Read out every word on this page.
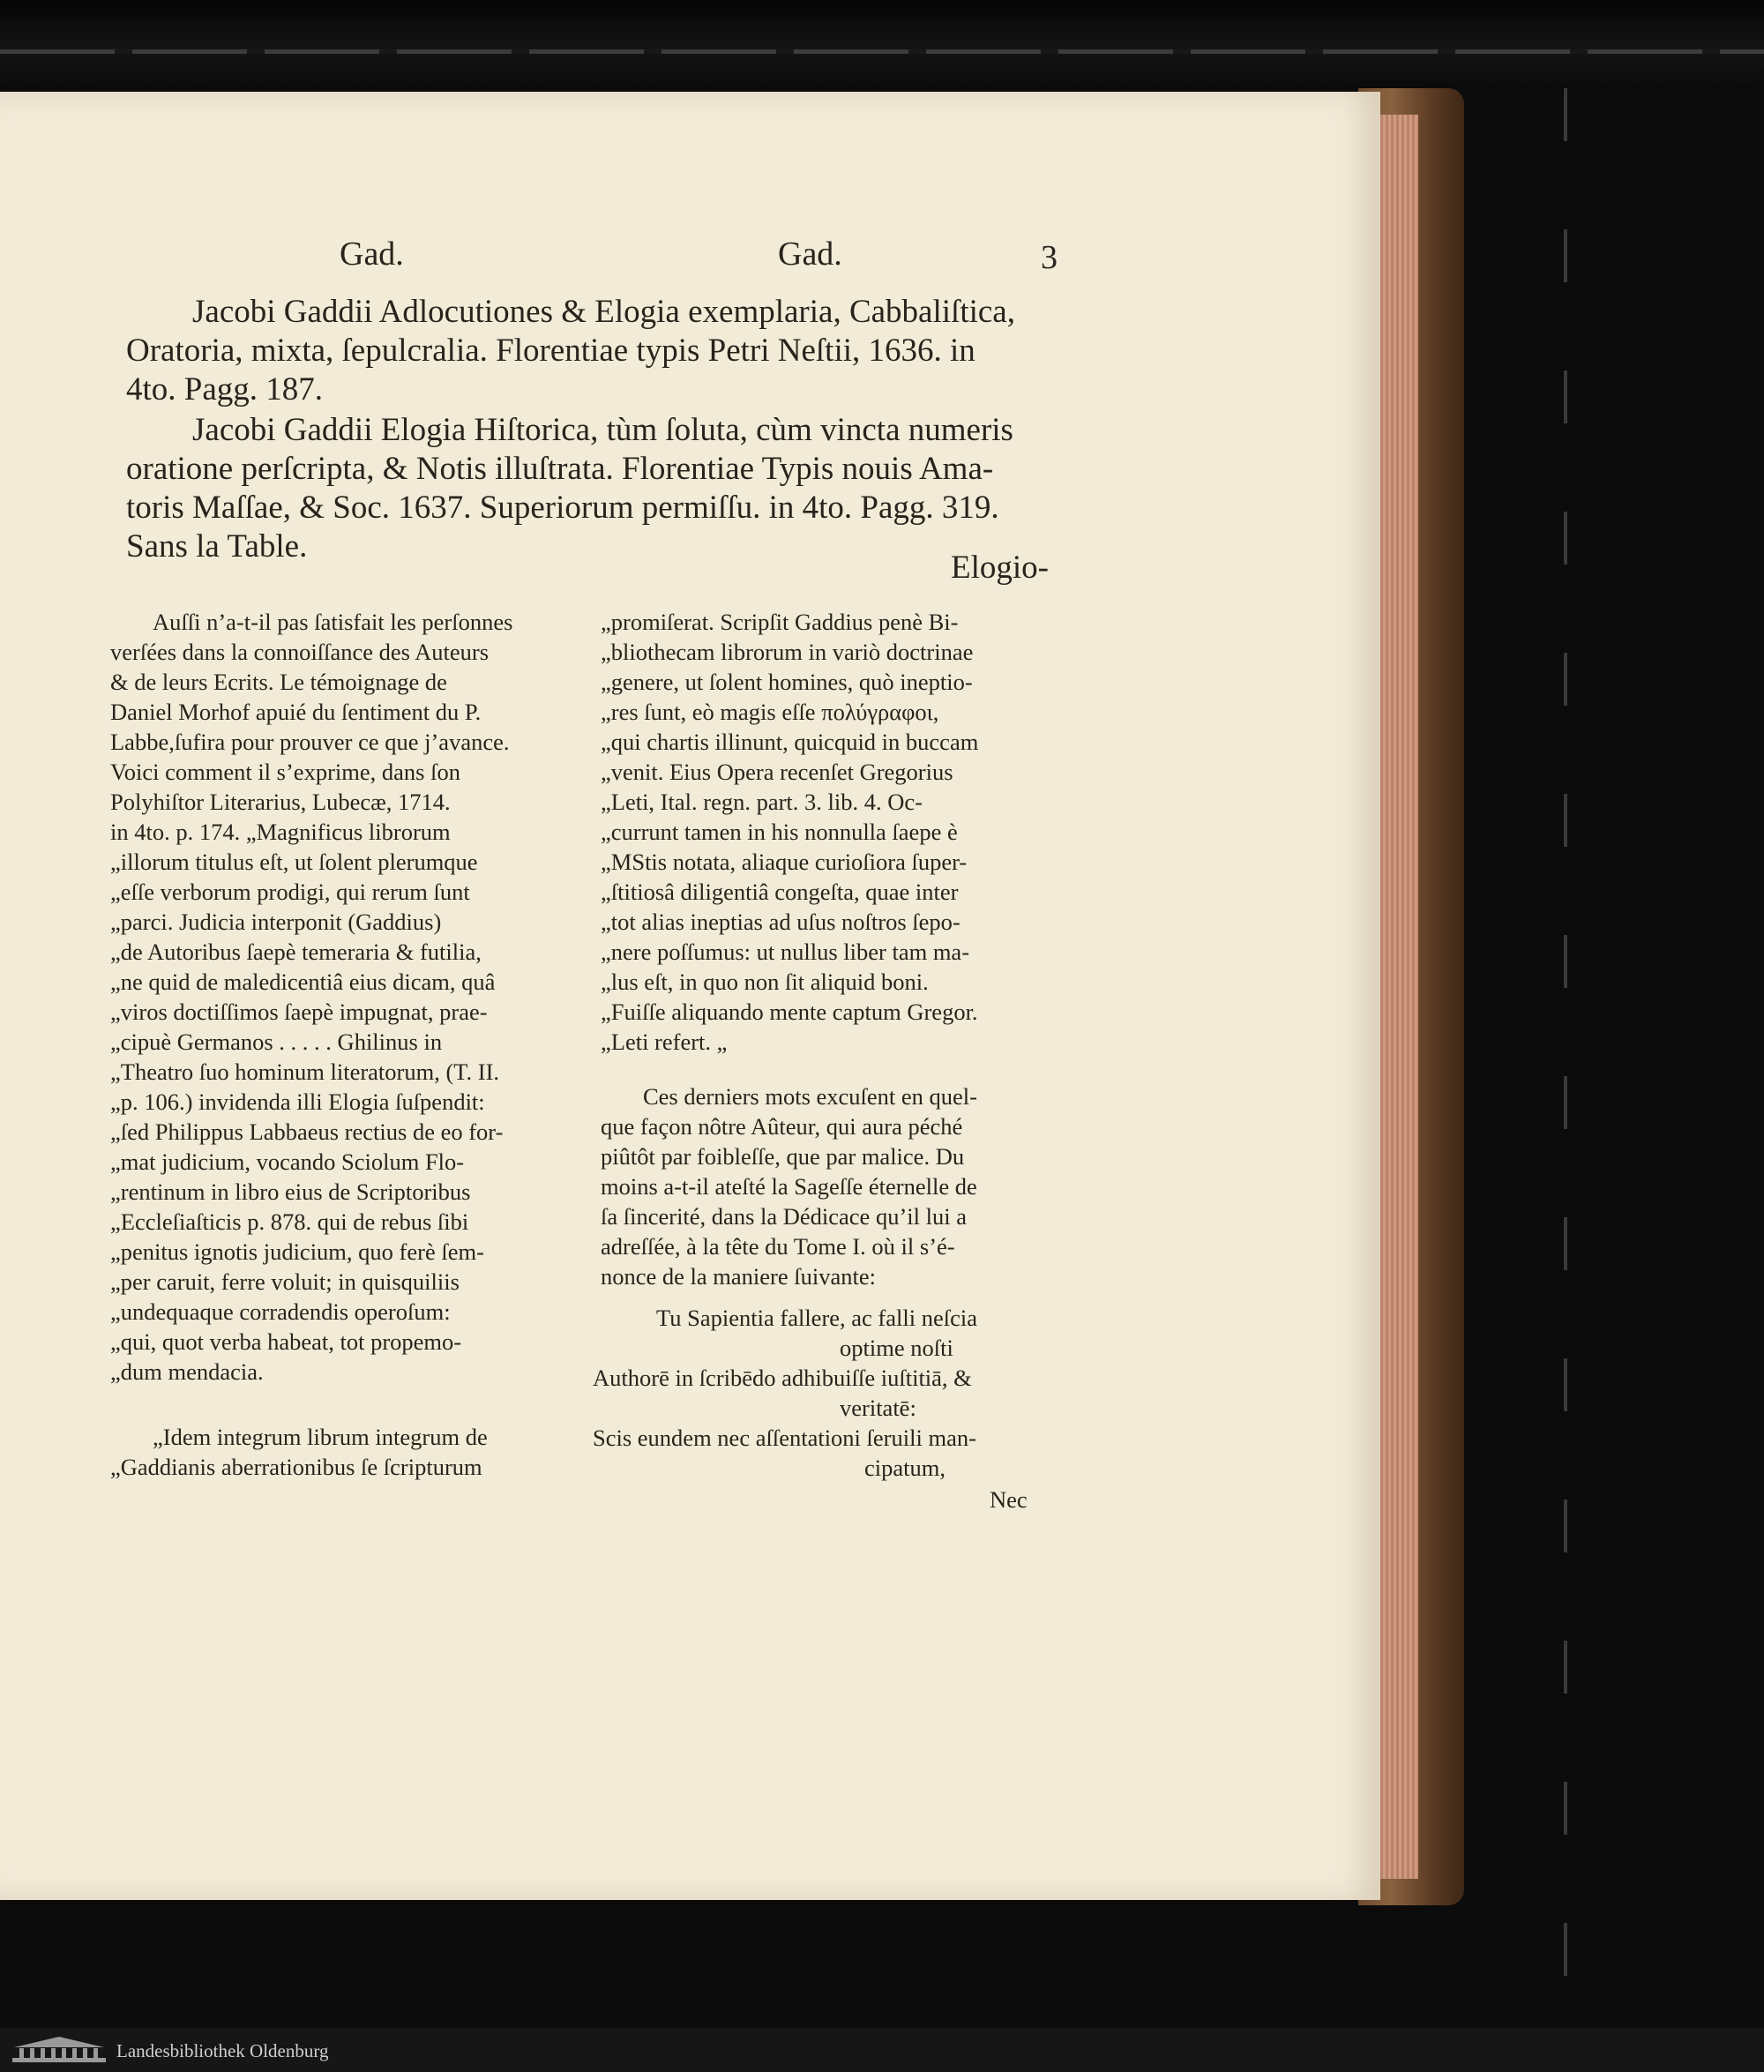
Gad.	Gad.	3
Jacobi Gaddii Adlocutiones & Elogia exemplaria, Cabbaliſtica,
Oratoria, mixta, ſepulcralia. Florentiae typis Petri Neſtii, 1636. in
4to. Pagg. 187.
Jacobi Gaddii Elogia Hiſtorica, tùm ſoluta, cùm vincta numeris
oratione perſcripta, & Notis illuſtrata. Florentiae Typis nouis Ama-
toris Maſſae, & Soc. 1637. Superiorum permiſſu. in 4to. Pagg. 319.
Sans la Table.
Elogio-
Auſſi n’a-t-il pas ſatisfait les perſonnes
verſées dans la connoiſſance des Auteurs
& de leurs Ecrits. Le témoignage de
Daniel Morhof apuié du ſentiment du P.
Labbe,ſufira pour prouver ce que j’avance.
Voici comment il s’exprime, dans ſon
Polyhiſtor Literarius, Lubecæ, 1714.
in 4to. p. 174. „Magnificus librorum
„illorum titulus eſt, ut ſolent plerumque
„eſſe verborum prodigi, qui rerum ſunt
„parci. Judicia interponit (Gaddius)
„de Autoribus ſaepè temeraria & futilia,
„ne quid de maledicentiâ eius dicam, quâ
„viros doctiſſimos ſaepè impugnat, prae-
„cipuè Germanos . . . . . Ghilinus in
„Theatro ſuo hominum literatorum, (T. II.
„p. 106.) invidenda illi Elogia ſuſpendit:
„ſed Philippus Labbaeus rectius de eo for-
„mat judicium, vocando Sciolum Flo-
„rentinum in libro eius de Scriptoribus
„Eccleſiaſticis p. 878. qui de rebus ſibi
„penitus ignotis judicium, quo ferè ſem-
„per caruit, ferre voluit; in quisquiliis
„undequaque corradendis operoſum:
„qui, quot verba habeat, tot propemo-
„dum mendacia.
„Idem integrum librum integrum de
„Gaddianis aberrationibus ſe ſcripturum
„promiſerat. Scripſit Gaddius penè Bi-
„bliothecam librorum in variò doctrinae
„genere, ut ſolent homines, quò ineptio-
„res ſunt, eò magis eſſe πολύγραφοι,
„qui chartis illinunt, quicquid in buccam
„venit. Eius Opera recenſet Gregorius
„Leti, Ital. regn. part. 3. lib. 4. Oc-
„currunt tamen in his nonnulla ſaepe è
„MStis notata, aliaque curioſiora ſuper-
„ſtitiosâ diligentiâ congeſta, quae inter
„tot alias ineptias ad uſus noſtros ſepo-
„nere poſſumus: ut nullus liber tam ma-
„lus eſt, in quo non ſit aliquid boni.
„Fuiſſe aliquando mente captum Gregor.
„Leti refert. „
Ces derniers mots excuſent en quel-
que façon nôtre Aûteur, qui aura péché
piûtôt par foibleſſe, que par malice. Du
moins a-t-il ateſté la Sageſſe éternelle de
ſa ſincerité, dans la Dédicace qu’il lui a
adreſſée, à la tête du Tome I. où il s’é-
nonce de la maniere ſuivante:
Tu Sapientia fallere, ac falli neſcia
optime noſti
Authorē in ſcribēdo adhibuiſſe iuſtitiā, &
veritatē:
Scis eundem nec aſſentationi ſeruili man-
cipatum,
Nec
Landesbibliothek Oldenburg
